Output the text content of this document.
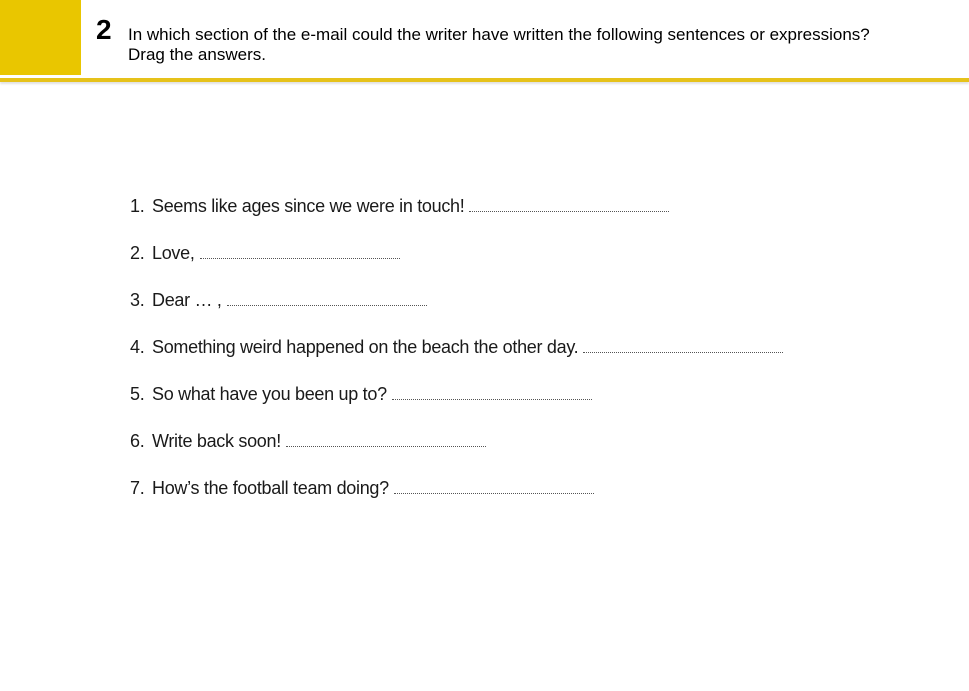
2 In which section of the e-mail could the writer have written the following sentences or expressions?
Drag the answers.
1. Seems like ages since we were in touch!
2. Love,
3. Dear … ,
4. Something weird happened on the beach the other day.
5. So what have you been up to?
6. Write back soon!
7. How’s the football team doing?
